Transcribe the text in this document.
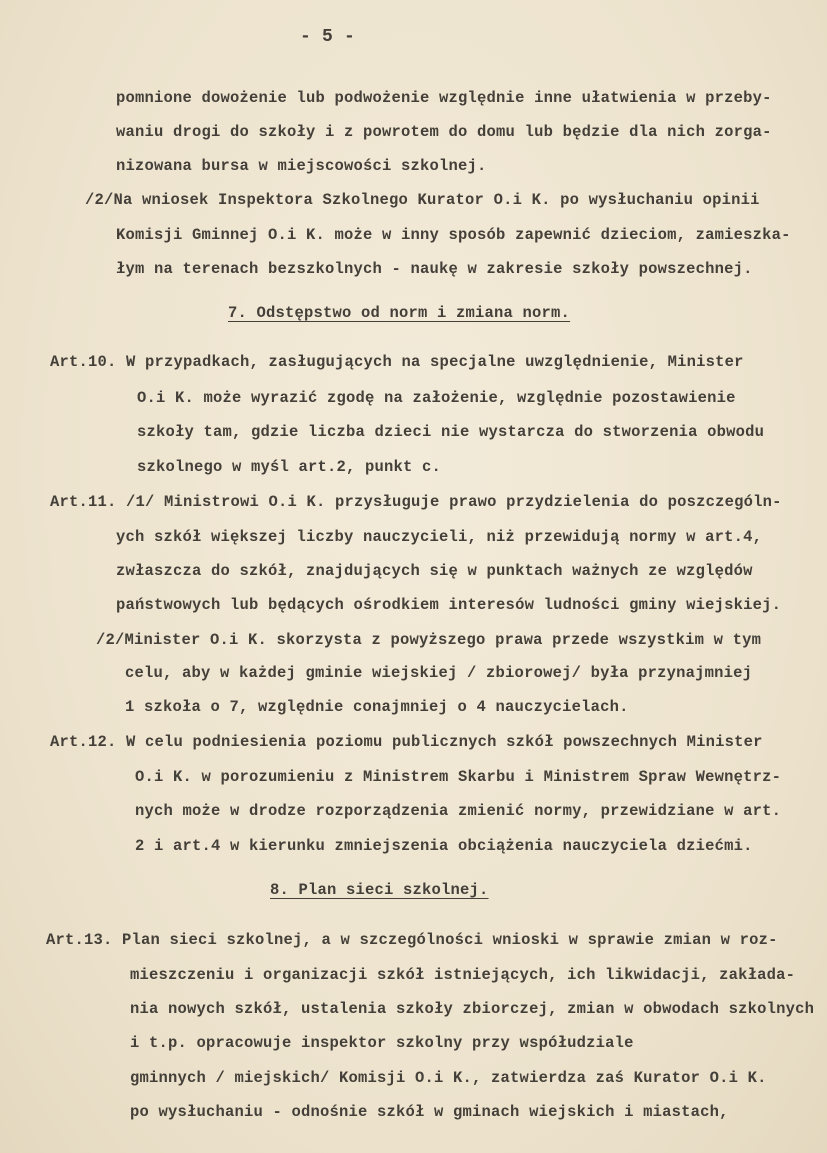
- 5 -
pomnione dowożenie lub podwożenie względnie inne ułatwienia w przeby-
waniu drogi do szkoły i z powrotem do domu lub będzie dla nich zorga-
nizowana bursa w miejscowości szkolnej.
/2/Na wniosek Inspektora Szkolnego Kurator O.i K. po wysłuchaniu opinii
Komisji Gminnej O.i K. może w inny sposób zapewnić dzieciom, zamieszka-
łym na terenach bezszkolnych - naukę w zakresie szkoły powszechnej.
7. Odstępstwo od norm i zmiana norm.
Art.10. W przypadkach, zasługujących na specjalne uwzględnienie, Minister
O.i K. może wyrazić zgodę na założenie, względnie pozostawienie
szkoły tam, gdzie liczba dzieci nie wystarcza do stworzenia obwodu
szkolnego w myśl art.2, punkt c.
Art.11. /1/ Ministrowi O.i K. przysługuje prawo przydzielenia do poszczególn-
ych szkół większej liczby nauczycieli, niż przewidują normy w art.4,
zwłaszcza do szkół, znajdujących się w punktach ważnych ze względów
państwowych lub będących ośrodkiem interesów ludności gminy wiejskiej.
/2/Minister O.i K. skorzysta z powyższego prawa przede wszystkim w tym
celu, aby w każdej gminie wiejskiej / zbiorowej/ była przynajmniej
1 szkoła o 7, względnie conajmniej o 4 nauczycielach.
Art.12. W celu podniesienia poziomu publicznych szkół powszechnych Minister
O.i K. w porozumieniu z Ministrem Skarbu i Ministrem Spraw Wewnętrz-
nych może w drodze rozporządzenia zmienić normy, przewidziane w art.
2 i art.4 w kierunku zmniejszenia obciążenia nauczyciela dziećmi.
8. Plan sieci szkolnej.
Art.13. Plan sieci szkolnej, a w szczególności wnioski w sprawie zmian w roz-
mieszczeniu i organizacji szkół istniejących, ich likwidacji, zakłada-
nia nowych szkół, ustalenia szkoły zbiorczej, zmian w obwodach szkolnych
i t.p. opracowuje inspektor szkolny przy współudziale
gminnych / miejskich/ Komisji O.i K., zatwierdza zaś Kurator O.i K.
po wysłuchaniu - odnośnie szkół w gminach wiejskich i miastach,
